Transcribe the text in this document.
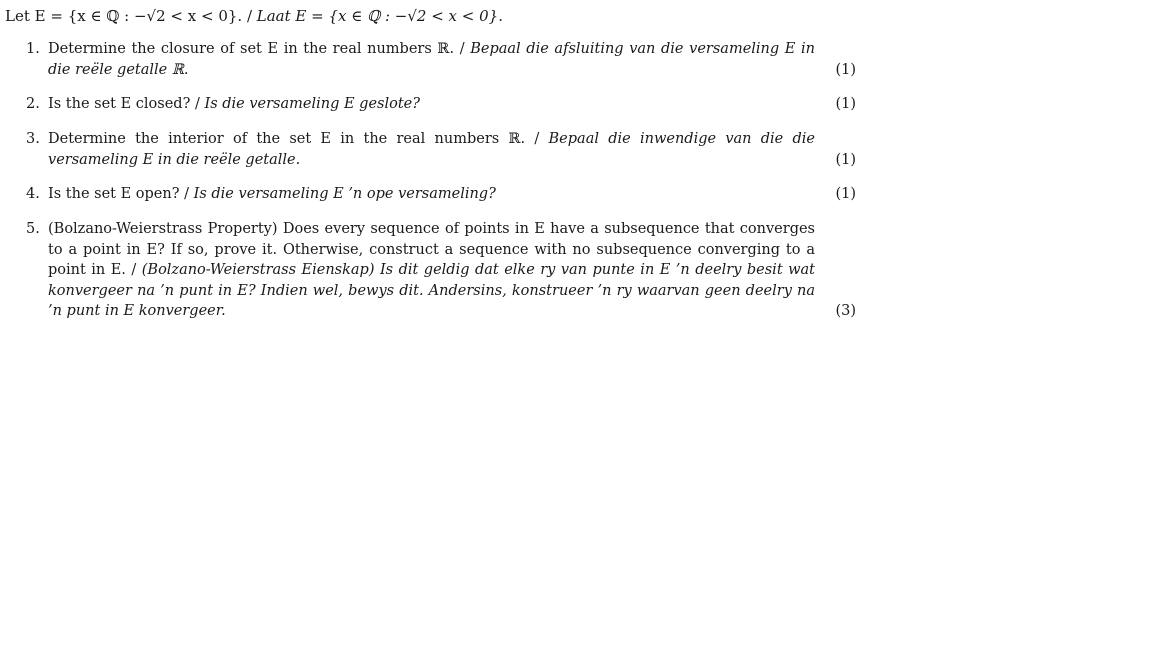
Let E = {x ∈ ℚ : −√2 < x < 0}. / Laat E = {x ∈ ℚ : −√2 < x < 0}.
1. Determine the closure of set E in the real numbers ℝ. / Bepaal die afsluiting van die versameling E in die reële getalle ℝ.	(1)
2. Is the set E closed? / Is die versameling E geslote?	(1)
3. Determine the interior of the set E in the real numbers ℝ. / Bepaal die inwendige van die die versameling E in die reële getalle.	(1)
4. Is the set E open? / Is die versameling E ’n ope versameling?	(1)
5. (Bolzano-Weierstrass Property) Does every sequence of points in E have a subsequence that converges to a point in E? If so, prove it. Otherwise, construct a sequence with no subsequence converging to a point in E. / (Bolzano-Weierstrass Eienskap) Is dit geldig dat elke ry van punte in E ’n deelry besit wat konvergeer na ’n punt in E? Indien wel, bewys dit. Andersins, konstrueer ’n ry waarvan geen deelry na ’n punt in E konvergeer.	(3)
